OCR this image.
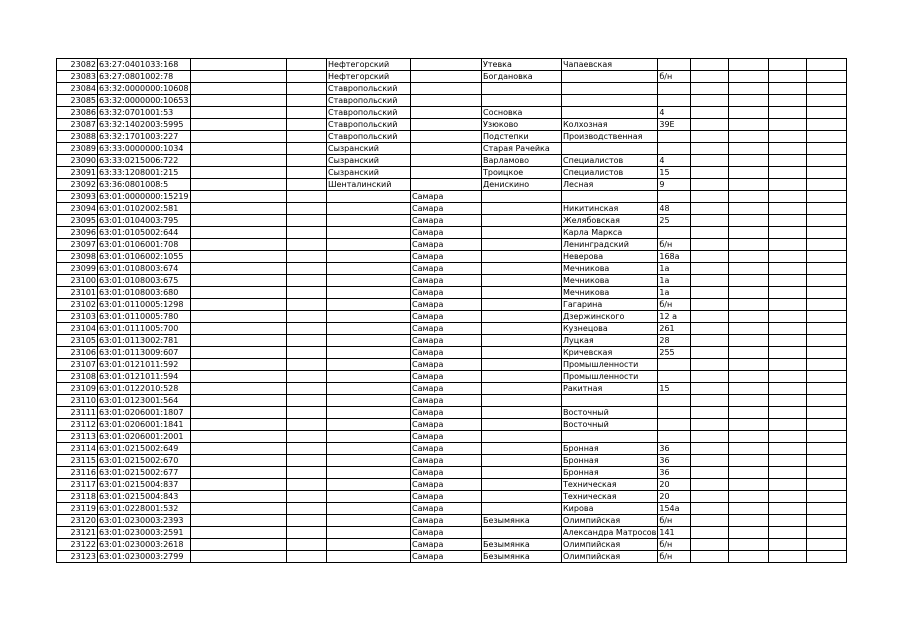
23082	63:27:0401033:168			Нефтегорский		Утевка	Чапаевская					
23083	63:27:0801002:78			Нефтегорский		Богдановка		б/н				
23084	63:32:0000000:10608			Ставропольский								
23085	63:32:0000000:10653			Ставропольский								
23086	63:32:0701001:53			Ставропольский		Сосновка		4				
23087	63:32:1402003:5995			Ставропольский		Узюково	Колхозная	39Е				
23088	63:32:1701003:227			Ставропольский		Подстепки	Производственная					
23089	63:33:0000000:1034			Сызранский		Старая Рачейка						
23090	63:33:0215006:722			Сызранский		Варламово	Специалистов	4				
23091	63:33:1208001:215			Сызранский		Троицкое	Специалистов	15				
23092	63:36:0801008:5			Шенталинский		Денискино	Лесная	9				
23093	63:01:0000000:15219				Самара							
23094	63:01:0102002:581				Самара		Никитинская	48				
23095	63:01:0104003:795				Самара		Желябовская	25				
23096	63:01:0105002:644				Самара		Карла Маркса					
23097	63:01:0106001:708				Самара		Ленинградский	б/н				
23098	63:01:0106002:1055				Самара		Неверова	168а				
23099	63:01:0108003:674				Самара		Мечникова	1а				
23100	63:01:0108003:675				Самара		Мечникова	1а				
23101	63:01:0108003:680				Самара		Мечникова	1а				
23102	63:01:0110005:1298				Самара		Гагарина	б/н				
23103	63:01:0110005:780				Самара		Дзержинского	12 а				
23104	63:01:0111005:700				Самара		Кузнецова	261				
23105	63:01:0113002:781				Самара		Луцкая	28				
23106	63:01:0113009:607				Самара		Кричевская	255				
23107	63:01:0121011:592				Самара		Промышленности					
23108	63:01:0121011:594				Самара		Промышленности					
23109	63:01:0122010:528				Самара		Ракитная	15				
23110	63:01:0123001:564				Самара							
23111	63:01:0206001:1807				Самара		Восточный					
23112	63:01:0206001:1841				Самара		Восточный					
23113	63:01:0206001:2001				Самара							
23114	63:01:0215002:649				Самара		Бронная	36				
23115	63:01:0215002:670				Самара		Бронная	36				
23116	63:01:0215002:677				Самара		Бронная	36				
23117	63:01:0215004:837				Самара		Техническая	20				
23118	63:01:0215004:843				Самара		Техническая	20				
23119	63:01:0228001:532				Самара		Кирова	154а				
23120	63:01:0230003:2393				Самара	Безымянка	Олимпийская	б/н				
23121	63:01:0230003:2591				Самара		Александра Матросов	141				
23122	63:01:0230003:2618				Самара	Безымянка	Олимпийская	б/н				
23123	63:01:0230003:2799				Самара	Безымянка	Олимпийская	б/н				
